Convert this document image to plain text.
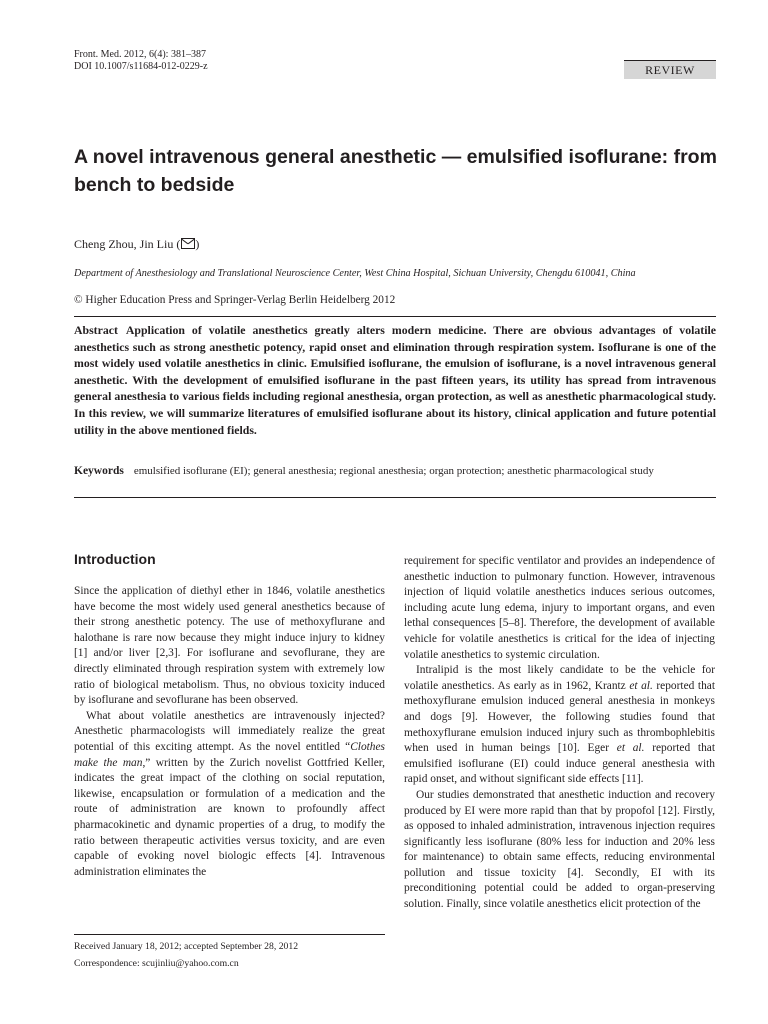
Front. Med. 2012, 6(4): 381–387
DOI 10.1007/s11684-012-0229-z	REVIEW
A novel intravenous general anesthetic — emulsified isoflurane: from bench to bedside
Cheng Zhou, Jin Liu ( )
Department of Anesthesiology and Translational Neuroscience Center, West China Hospital, Sichuan University, Chengdu 610041, China
© Higher Education Press and Springer-Verlag Berlin Heidelberg 2012

Abstract Application of volatile anesthetics greatly alters modern medicine. There are obvious advantages of volatile anesthetics such as strong anesthetic potency, rapid onset and elimination through respiration system. Isoflurane is one of the most widely used volatile anesthetics in clinic. Emulsified isoflurane, the emulsion of isoflurane, is a novel intravenous general anesthetic. With the development of emulsified isoflurane in the past fifteen years, its utility has spread from intravenous general anesthesia to various fields including regional anesthesia, organ protection, as well as anesthetic pharmacological study. In this review, we will summarize literatures of emulsified isoflurane about its history, clinical application and future potential utility in the above mentioned fields.

Keywords emulsified isoflurane (EI); general anesthesia; regional anesthesia; organ protection; anesthetic pharmacological study

Introduction

Since the application of diethyl ether in 1846, volatile anesthetics have become the most widely used general anesthetics because of their strong anesthetic potency. The use of methoxyflurane and halothane is rare now because they might induce injury to kidney [1] and/or liver [2,3]. For isoflurane and sevoflurane, they are directly eliminated through respiration system with extremely low ratio of biological metabolism. Thus, no obvious toxicity induced by isoflurane and sevoflurane has been observed.

What about volatile anesthetics are intravenously injected? Anesthetic pharmacologists will immediately realize the great potential of this exciting attempt. As the novel entitled “Clothes make the man,” written by the Zurich novelist Gottfried Keller, indicates the great impact of the clothing on social reputation, likewise, encapsulation or formulation of a medication and the route of administration are known to profoundly affect pharmacokinetic and dynamic properties of a drug, to modify the ratio between therapeutic activities versus toxicity, and are even capable of evoking novel biologic effects [4]. Intravenous administration eliminates the

requirement for specific ventilator and provides an independence of anesthetic induction to pulmonary function. However, intravenous injection of liquid volatile anesthetics induces serious outcomes, including acute lung edema, injury to important organs, and even lethal consequences [5–8]. Therefore, the development of available vehicle for volatile anesthetics is critical for the idea of injecting volatile anesthetics to systemic circulation.

Intralipid is the most likely candidate to be the vehicle for volatile anesthetics. As early as in 1962, Krantz et al. reported that methoxyflurane emulsion induced general anesthesia in monkeys and dogs [9]. However, the following studies found that methoxyflurane emulsion induced injury such as thrombophlebitis when used in human beings [10]. Eger et al. reported that emulsified isoflurane (EI) could induce general anesthesia with rapid onset, and without significant side effects [11].

Our studies demonstrated that anesthetic induction and recovery produced by EI were more rapid than that by propofol [12]. Firstly, as opposed to inhaled administration, intravenous injection requires significantly less isoflurane (80% less for induction and 20% less for maintenance) to obtain same effects, reducing environmental pollution and tissue toxicity [4]. Secondly, EI with its preconditioning potential could be added to organ-preserving solution. Finally, since volatile anesthetics elicit protection of the

Received January 18, 2012; accepted September 28, 2012
Correspondence: scujinliu@yahoo.com.cn
